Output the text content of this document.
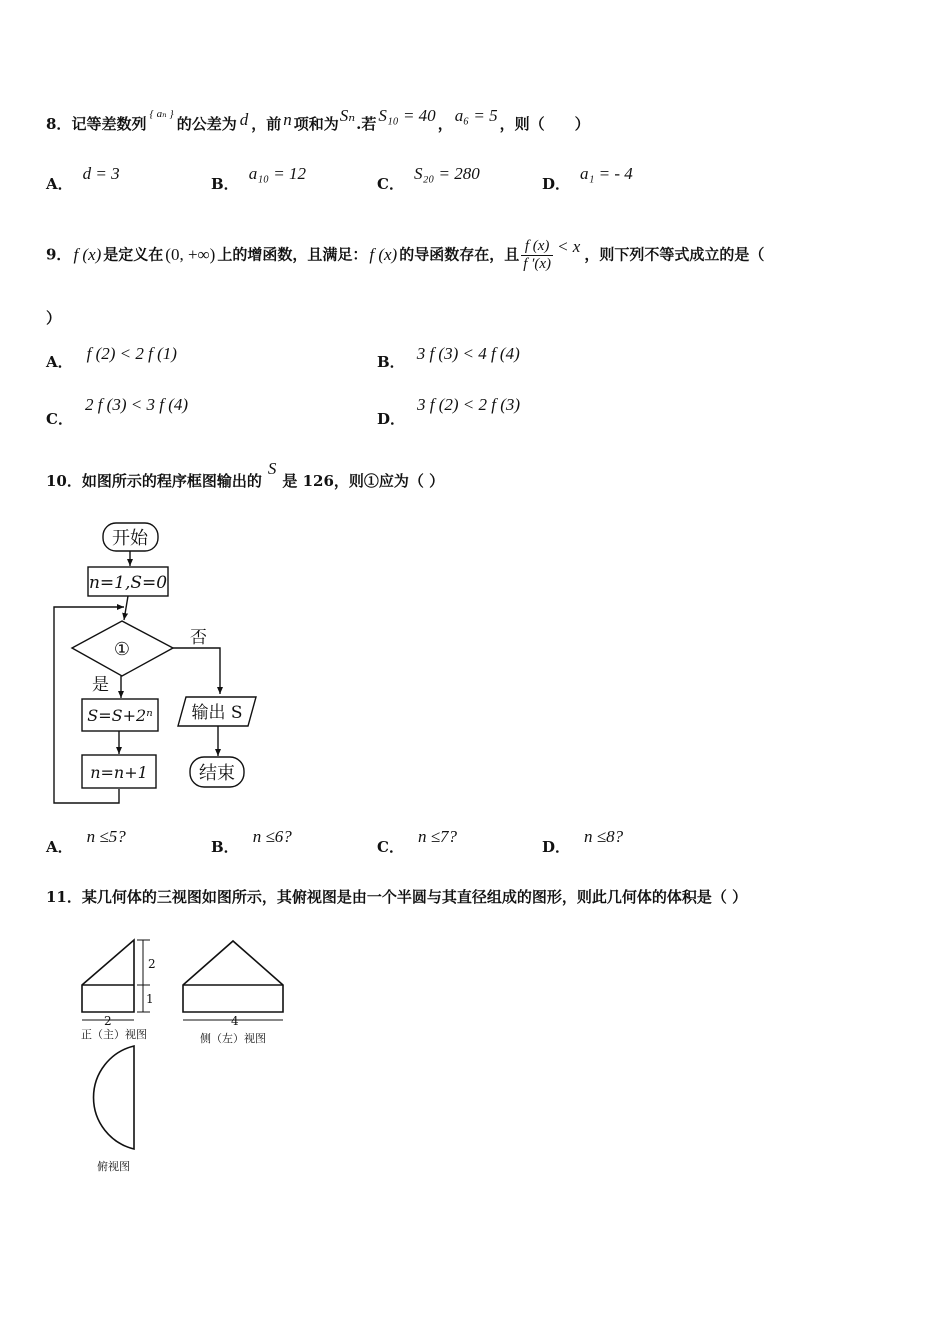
8．记等差数列$^{\{ a_n \}}$的公差为 d ，前 n 项和为Sₙ.若 S₁₀ = 40 ， a₆ = 5 ，则（　　）
A．d = 3
B．a₁₀ = 12
C．S₂₀ = 280
D．a₁ = - 4
9． f (x) 是定义在 (0, +∞) 上的增函数，且满足： f (x) 的导函数存在，且 $\frac{f (x)}{f '(x)} < x$ ，则下列不等式成立的是（
）
A． f (2) < 2 f (1)	B． 3 f (3) < 4 f (4)
C．2 f (3) < 3 f (4)
D．3 f (2) < 2 f (3)
10．如图所示的程序框图输出的S是 126，则①应为（ ）
开始
n=1,S=0
①
否
是
S=S+2ⁿ
n=n+1
输出 S
结束
2
1
2	4
正（主）视图	侧（左）视图
俯视图
A．n ≤5?
B．n ≤6?
C．n ≤7?
D．n ≤8?
11．某几何体的三视图如图所示，其俯视图是由一个半圆与其直径组成的图形，则此几何体的体积是（ ）
